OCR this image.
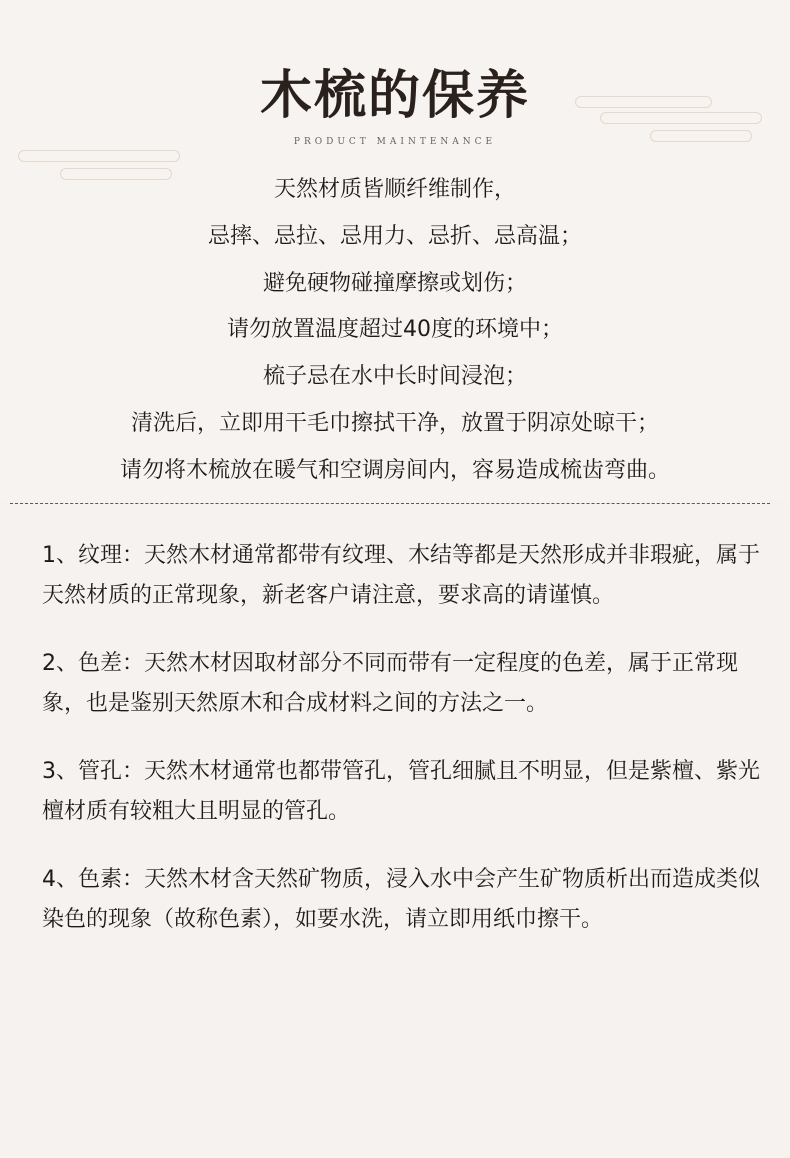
木梳的保养
PRODUCT MAINTENANCE
天然材质皆顺纤维制作，
忌摔、忌拉、忌用力、忌折、忌高温；
避免硬物碰撞摩擦或划伤；
请勿放置温度超过40度的环境中；
梳子忌在水中长时间浸泡；
清洗后，立即用干毛巾擦拭干净，放置于阴凉处晾干；
请勿将木梳放在暖气和空调房间内，容易造成梳齿弯曲。

1、纹理：天然木材通常都带有纹理、木结等都是天然形成并非瑕疵，属于天然材质的正常现象，新老客户请注意，要求高的请谨慎。

2、色差：天然木材因取材部分不同而带有一定程度的色差，属于正常现象，也是鉴别天然原木和合成材料之间的方法之一。

3、管孔：天然木材通常也都带管孔，管孔细腻且不明显，但是紫檀、紫光檀材质有较粗大且明显的管孔。

4、色素：天然木材含天然矿物质，浸入水中会产生矿物质析出而造成类似染色的现象（故称色素），如要水洗，请立即用纸巾擦干。
